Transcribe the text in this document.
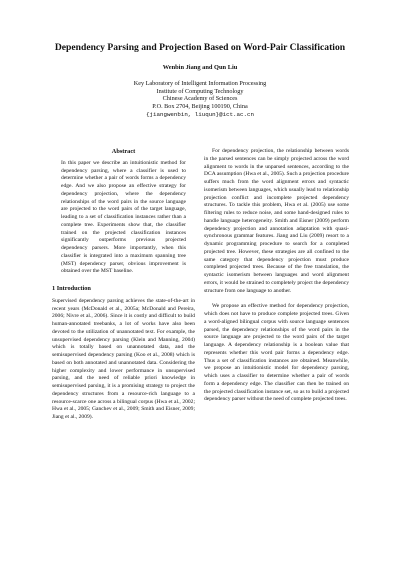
Dependency Parsing and Projection Based on Word-Pair Classification
Wenbin Jiang and Qun Liu
Key Laboratory of Intelligent Information Processing
Institute of Computing Technology
Chinese Academy of Sciences
P.O. Box 2704, Beijing 100190, China
{jiangwenbin, liuqun}@ict.ac.cn
Abstract

In this paper we describe an intuitionistic method for dependency parsing, where a classifier is used to determine whether a pair of words forms a dependency edge. And we also propose an effective strategy for dependency projection, where the dependency relationships of the word pairs in the source language are projected to the word pairs of the target language, leading to a set of classification instances rather than a complete tree. Experiments show that, the classifier trained on the projected classification instances significantly outperforms previous projected dependency parsers. More importantly, when this classifier is integrated into a maximum spanning tree (MST) dependency parser, obvious improvement is obtained over the MST baseline.

1 Introduction

Supervised dependency parsing achieves the state-of-the-art in recent years (McDonald et al., 2005a; McDonald and Pereira, 2006; Nivre et al., 2006). Since it is costly and difficult to build human-annotated treebanks, a lot of works have also been devoted to the utilization of unannotated text. For example, the unsupervised dependency parsing (Klein and Manning, 2004) which is totally based on unannotated data, and the semisupervised dependency parsing (Koo et al., 2008) which is based on both annotated and unannotated data. Considering the higher complexity and lower performance in unsupervised parsing, and the need of reliable priori knowledge in semisupervised parsing, it is a promising strategy to project the dependency structures from a resource-rich language to a resource-scarce one across a bilingual corpus (Hwa et al., 2002; Hwa et al., 2005; Ganchev et al., 2009; Smith and Eisner, 2009; Jiang et al., 2009).

For dependency projection, the relationship between words in the parsed sentences can be simply projected across the word alignment to words in the unparsed sentences, according to the DCA assumption (Hwa et al., 2005). Such a projection procedure suffers much from the word alignment errors and syntactic isomerism between languages, which usually lead to relationship projection conflict and incomplete projected dependency structures. To tackle this problem, Hwa et al. (2005) use some filtering rules to reduce noise, and some hand-designed rules to handle language heterogeneity. Smith and Eisner (2009) perform dependency projection and annotation adaptation with quasi-synchronous grammar features. Jiang and Liu (2009) resort to a dynamic programming procedure to search for a completed projected tree. However, these strategies are all confined to the same category that dependency projection must produce completed projected trees. Because of the free translation, the syntactic isomerism between languages and word alignment errors, it would be strained to completely project the dependency structure from one language to another.

We propose an effective method for dependency projection, which does not have to produce complete projected trees. Given a word-aligned bilingual corpus with source language sentences parsed, the dependency relationships of the word pairs in the source language are projected to the word pairs of the target language. A dependency relationship is a boolean value that represents whether this word pair forms a dependency edge. Thus a set of classification instances are obtained. Meanwhile, we propose an intuitionistic model for dependency parsing, which uses a classifier to determine whether a pair of words form a dependency edge. The classifier can then be trained on the projected classification instance set, so as to build a projected dependency parser without the need of complete projected trees.
